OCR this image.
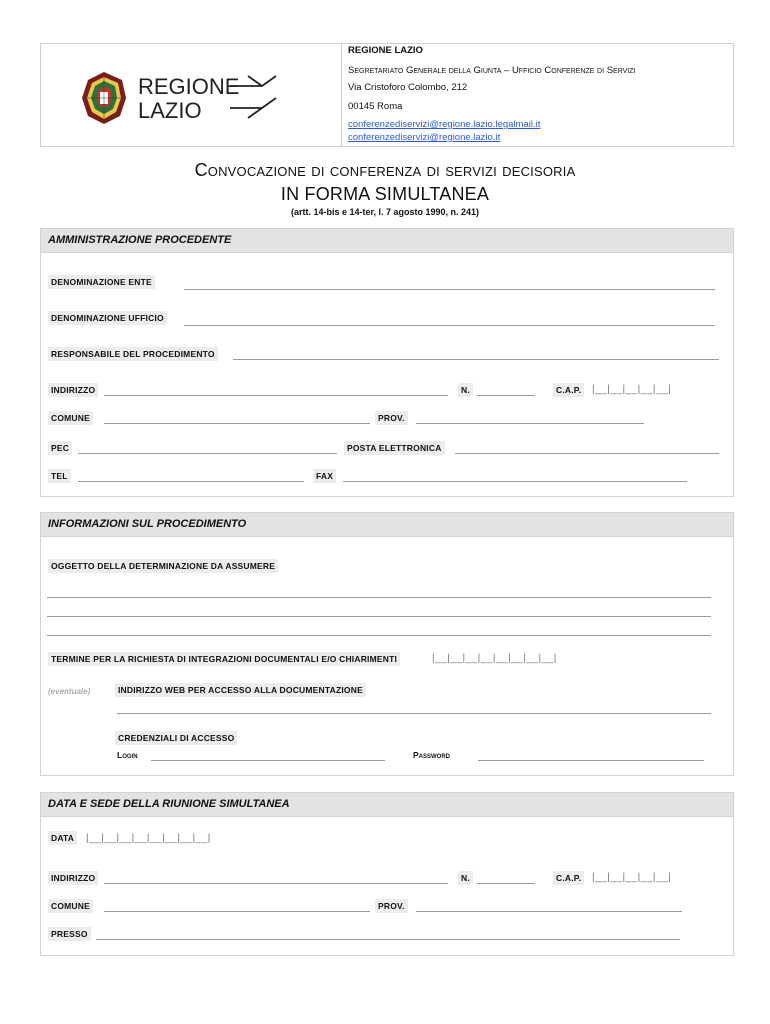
REGIONE
LAZIO
REGIONE LAZIO
Segretariato Generale della Giunta – Ufficio Conferenze di Servizi
Via Cristoforo Colombo, 212
00145 Roma
conferenzediservizi@regione.lazio.legalmail.it
conferenzediservizi@regione.lazio.it
Convocazione di conferenza di servizi decisoria
IN FORMA SIMULTANEA
(artt. 14-bis e 14-ter, l. 7 agosto 1990, n. 241)
AMMINISTRAZIONE PROCEDENTE
DENOMINAZIONE ENTE
DENOMINAZIONE UFFICIO
RESPONSABILE DEL PROCEDIMENTO
INDIRIZZO	N.	C.A.P.	|__|__|__|__|__|
COMUNE	PROV.
PEC	POSTA ELETTRONICA
TEL	FAX
INFORMAZIONI SUL PROCEDIMENTO
OGGETTO DELLA DETERMINAZIONE DA ASSUMERE
TERMINE PER LA RICHIESTA DI INTEGRAZIONI DOCUMENTALI E/O CHIARIMENTI	|__|__|__|__|__|__|__|__|
(eventuale)	INDIRIZZO WEB PER ACCESSO ALLA DOCUMENTAZIONE
CREDENZIALI DI ACCESSO
Login	Password
DATA E SEDE DELLA RIUNIONE SIMULTANEA
DATA	|__|__|__|__|__|__|__|__|
INDIRIZZO	N.	C.A.P.	|__|__|__|__|__|
COMUNE	PROV.
PRESSO
